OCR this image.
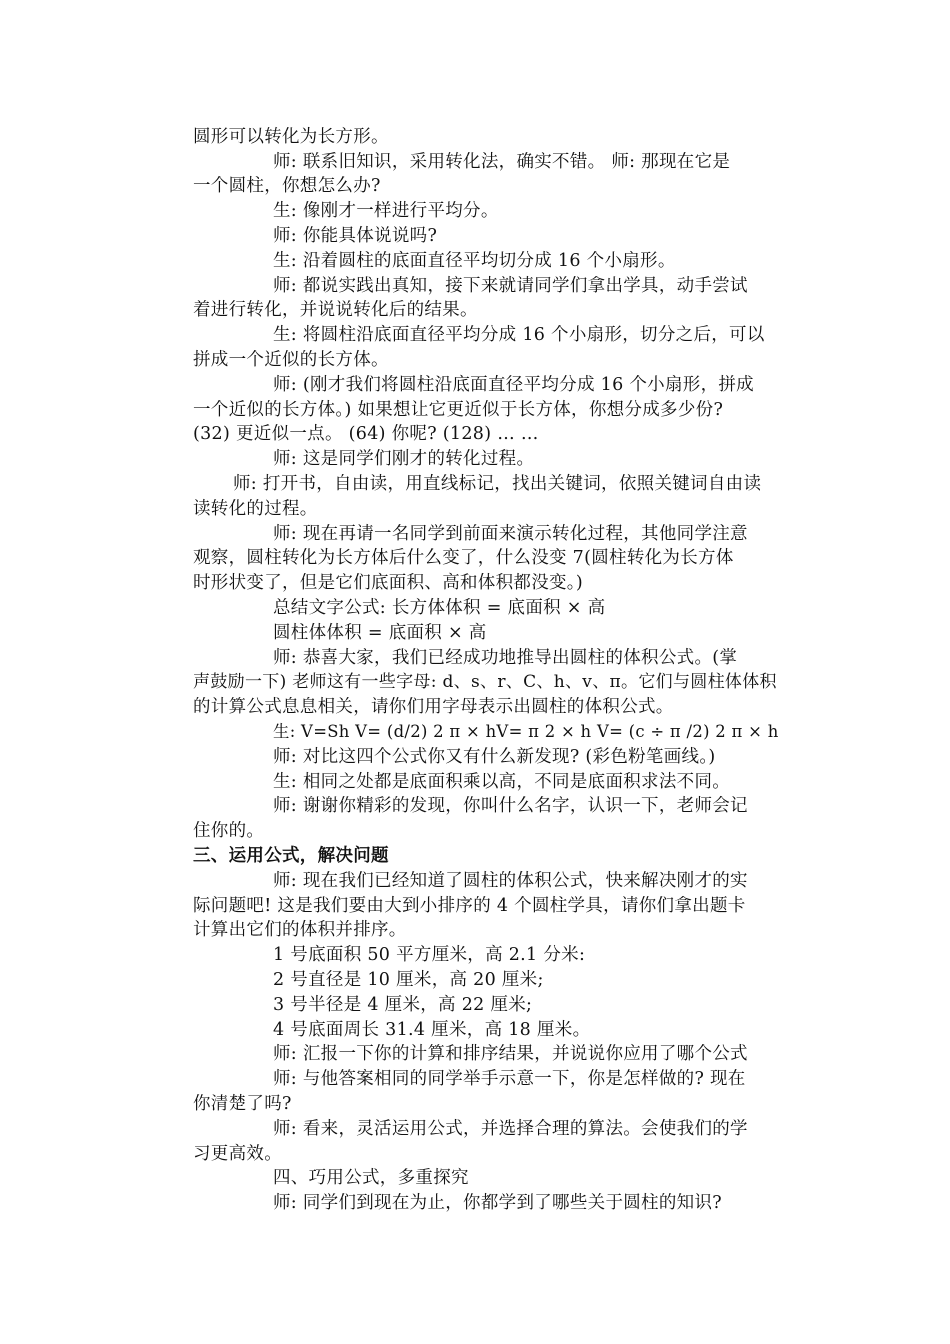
圆形可以转化为长方形。
师: 联系旧知识，采用转化法，确实不错。 师: 那现在它是
一个圆柱，你想怎么办?
生: 像刚才一样进行平均分。
师: 你能具体说说吗?
生: 沿着圆柱的底面直径平均切分成 16 个小扇形。
师: 都说实践出真知，接下来就请同学们拿出学具，动手尝试
着进行转化，并说说转化后的结果。
生: 将圆柱沿底面直径平均分成 16 个小扇形，切分之后，可以
拼成一个近似的长方体。
师: (刚才我们将圆柱沿底面直径平均分成 16 个小扇形，拼成
一个近似的长方体。) 如果想让它更近似于长方体，你想分成多少份?
(32) 更近似一点。 (64) 你呢? (128) … …
师: 这是同学们刚才的转化过程。
师: 打开书，自由读，用直线标记，找出关键词，依照关键词自由读
读转化的过程。
师: 现在再请一名同学到前面来演示转化过程，其他同学注意
观察，圆柱转化为长方体后什么变了，什么没变 7(圆柱转化为长方体
时形状变了，但是它们底面积、高和体积都没变。)
总结文字公式: 长方体体积 = 底面积 × 高
圆柱体体积 = 底面积 × 高
师: 恭喜大家，我们已经成功地推导出圆柱的体积公式。(掌
声鼓励一下) 老师这有一些字母: d、s、r、C、h、v、π。它们与圆柱体体积
的计算公式息息相关，请你们用字母表示出圆柱的体积公式。
生: V=Sh V= (d/2) 2 π × hV= π 2 × h V= (c ÷ π /2) 2 π × h
师: 对比这四个公式你又有什么新发现? (彩色粉笔画线。)
生: 相同之处都是底面积乘以高，不同是底面积求法不同。
师: 谢谢你精彩的发现，你叫什么名字，认识一下，老师会记
住你的。
三、运用公式，解决问题
师: 现在我们已经知道了圆柱的体积公式，快来解决刚才的实
际问题吧! 这是我们要由大到小排序的 4 个圆柱学具，请你们拿出题卡
计算出它们的体积并排序。
1 号底面积 50 平方厘米，高 2.1 分米:
2 号直径是 10 厘米，高 20 厘米;
3 号半径是 4 厘米，高 22 厘米;
4 号底面周长 31.4 厘米，高 18 厘米。
师: 汇报一下你的计算和排序结果，并说说你应用了哪个公式
师: 与他答案相同的同学举手示意一下，你是怎样做的? 现在
你清楚了吗?
师: 看来，灵活运用公式，并选择合理的算法。会使我们的学
习更高效。
四、巧用公式，多重探究
师: 同学们到现在为止，你都学到了哪些关于圆柱的知识?
